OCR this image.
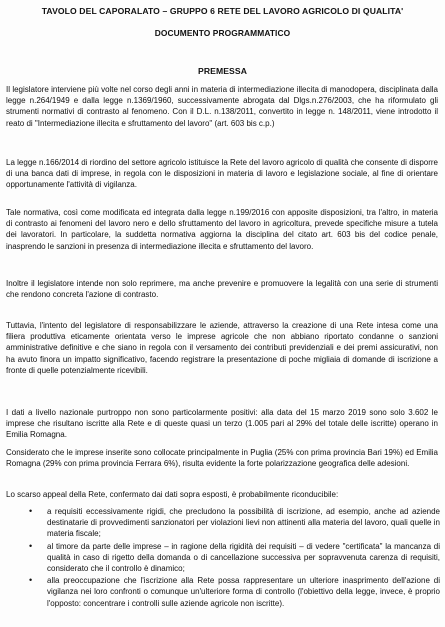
TAVOLO DEL CAPORALATO – GRUPPO 6 RETE DEL LAVORO AGRICOLO DI QUALITA'
DOCUMENTO PROGRAMMATICO
PREMESSA

Il legislatore interviene più volte nel corso degli anni in materia di intermediazione illecita di manodopera, disciplinata dalla legge n.264/1949 e dalla legge n.1369/1960, successivamente abrogata dal Dlgs.n.276/2003, che ha riformulato gli strumenti normativi di contrasto al fenomeno. Con il D.L. n.138/2011, convertito in legge n. 148/2011, viene introdotto il reato di "Intermediazione illecita e sfruttamento del lavoro" (art. 603 bis c.p.)

La legge n.166/2014 di riordino del settore agricolo istituisce la Rete del lavoro agricolo di qualità che consente di disporre di una banca dati di imprese, in regola con le disposizioni in materia di lavoro e legislazione sociale, al fine di orientare opportunamente l'attività di vigilanza.

Tale normativa, così come modificata ed integrata dalla legge n.199/2016 con apposite disposizioni, tra l'altro, in materia di contrasto ai fenomeni del lavoro nero e dello sfruttamento del lavoro in agricoltura, prevede specifiche misure a tutela dei lavoratori. In particolare, la suddetta normativa aggiorna la disciplina del citato art. 603 bis del codice penale, inasprendo le sanzioni in presenza di intermediazione illecita e sfruttamento del lavoro.

Inoltre il legislatore intende non solo reprimere, ma anche prevenire e promuovere la legalità con una serie di strumenti che rendono concreta l'azione di contrasto.

Tuttavia, l'intento del legislatore di responsabilizzare le aziende, attraverso la creazione di una Rete intesa come una filiera produttiva eticamente orientata verso le imprese agricole che non abbiano riportato condanne o sanzioni amministrative definitive e che siano in regola con il versamento dei contributi previdenziali e dei premi assicurativi, non ha avuto finora un impatto significativo, facendo registrare la presentazione di poche migliaia di domande di iscrizione a fronte di quelle potenzialmente ricevibili.

I dati a livello nazionale purtroppo non sono particolarmente positivi: alla data del 15 marzo 2019 sono solo 3.602 le imprese che risultano iscritte alla Rete e di queste quasi un terzo (1.005 pari al 29% del totale delle iscritte) operano in Emilia Romagna.

Considerato che le imprese inserite sono collocate principalmente in Puglia (25% con prima provincia Bari 19%) ed Emilia Romagna (29% con prima provincia Ferrara 6%), risulta evidente la forte polarizzazione geografica delle adesioni.

Lo scarso appeal della Rete, confermato dai dati sopra esposti, è probabilmente riconducibile:

• a requisiti eccessivamente rigidi, che precludono la possibilità di iscrizione, ad esempio, anche ad aziende destinatarie di provvedimenti sanzionatori per violazioni lievi non attinenti alla materia del lavoro, quali quelle in materia fiscale;
• al timore da parte delle imprese – in ragione della rigidità dei requisiti – di vedere "certificata" la mancanza di qualità in caso di rigetto della domanda o di cancellazione successiva per sopravvenuta carenza di requisiti, considerato che il controllo è dinamico;
• alla preoccupazione che l'iscrizione alla Rete possa rappresentare un ulteriore inasprimento dell'azione di vigilanza nei loro confronti o comunque un'ulteriore forma di controllo (l'obiettivo della legge, invece, è proprio l'opposto: concentrare i controlli sulle aziende agricole non iscritte).
